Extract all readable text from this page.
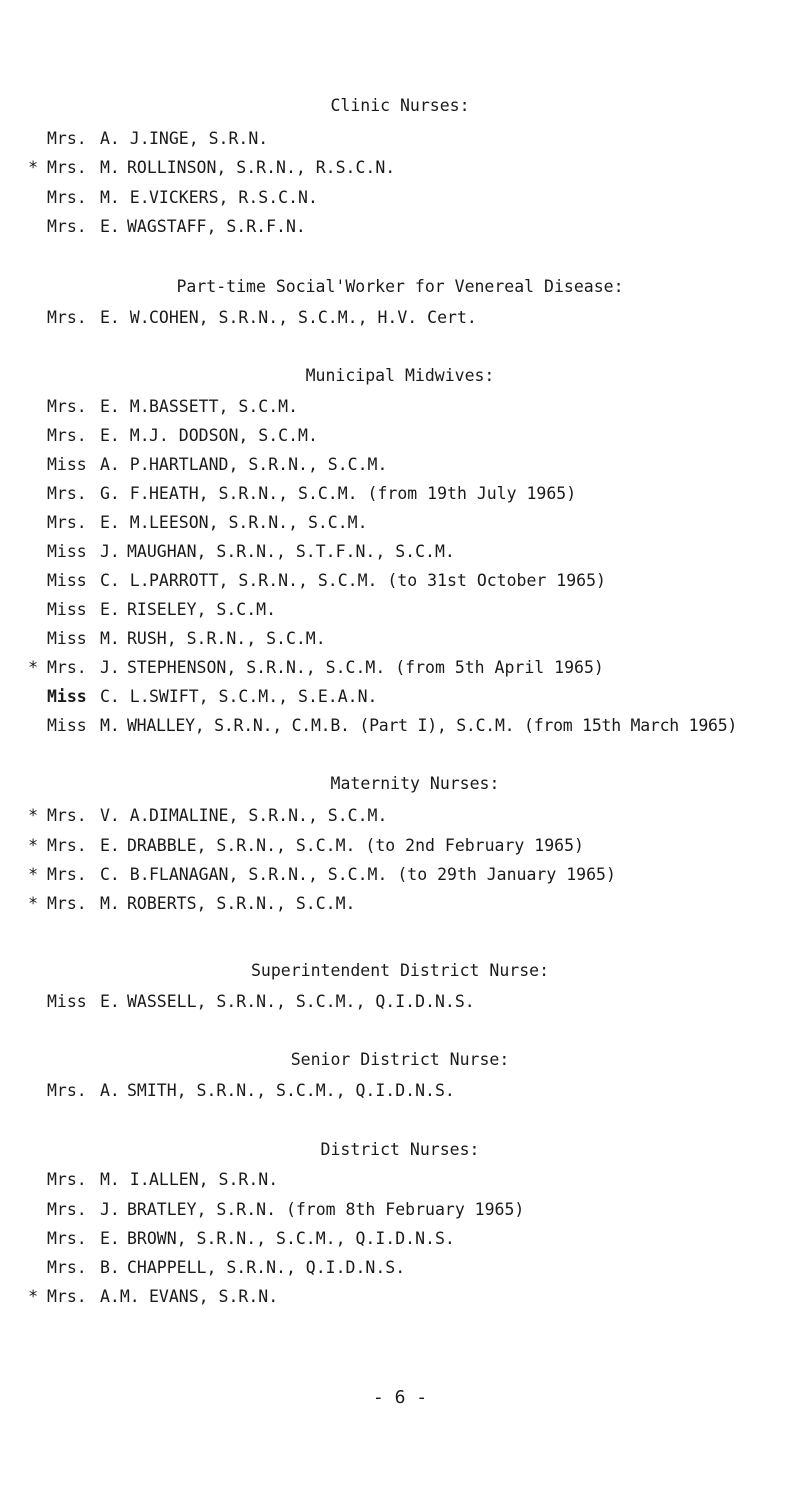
Clinic Nurses:
Mrs. A. J. INGE, S.R.N.
* Mrs. M. ROLLINSON, S.R.N., R.S.C.N.
Mrs. M. E. VICKERS, R.S.C.N.
Mrs. E. WAGSTAFF, S.R.F.N.
Part-time Social'Worker for Venereal Disease:
Mrs. E. W. COHEN, S.R.N., S.C.M., H.V. Cert.
Municipal Midwives:
Mrs. E. M. BASSETT, S.C.M.
Mrs. E. M. J. DODSON, S.C.M.
Miss A. P. HARTLAND, S.R.N., S.C.M.
Mrs. G. F. HEATH, S.R.N., S.C.M. (from 19th July 1965)
Mrs. E. M. LEESON, S.R.N., S.C.M.
Miss J. MAUGHAN, S.R.N., S.T.F.N., S.C.M.
Miss C. L. PARROTT, S.R.N., S.C.M. (to 31st October 1965)
Miss E. RISELEY, S.C.M.
Miss M. RUSH, S.R.N., S.C.M.
* Mrs. J. STEPHENSON, S.R.N., S.C.M. (from 5th April 1965)
Miss C. L. SWIFT, S.C.M., S.E.A.N.
Miss M. WHALLEY, S.R.N., C.M.B. (Part I), S.C.M. (from 15th March 1965)
Maternity Nurses:
* Mrs. V. A. DIMALINE, S.R.N., S.C.M.
* Mrs. E. DRABBLE, S.R.N., S.C.M. (to 2nd February 1965)
* Mrs. C. B. FLANAGAN, S.R.N., S.C.M. (to 29th January 1965)
* Mrs. M. ROBERTS, S.R.N., S.C.M.
Superintendent District Nurse:
Miss E. WASSELL, S.R.N., S.C.M., Q.I.D.N.S.
Senior District Nurse:
Mrs. A. SMITH, S.R.N., S.C.M., Q.I.D.N.S.
District Nurses:
Mrs. M. I. ALLEN, S.R.N.
Mrs. J. BRATLEY, S.R.N. (from 8th February 1965)
Mrs. E. BROWN, S.R.N., S.C.M., Q.I.D.N.S.
Mrs. B. CHAPPELL, S.R.N., Q.I.D.N.S.
* Mrs. A.M. EVANS, S.R.N.
- 6 -
